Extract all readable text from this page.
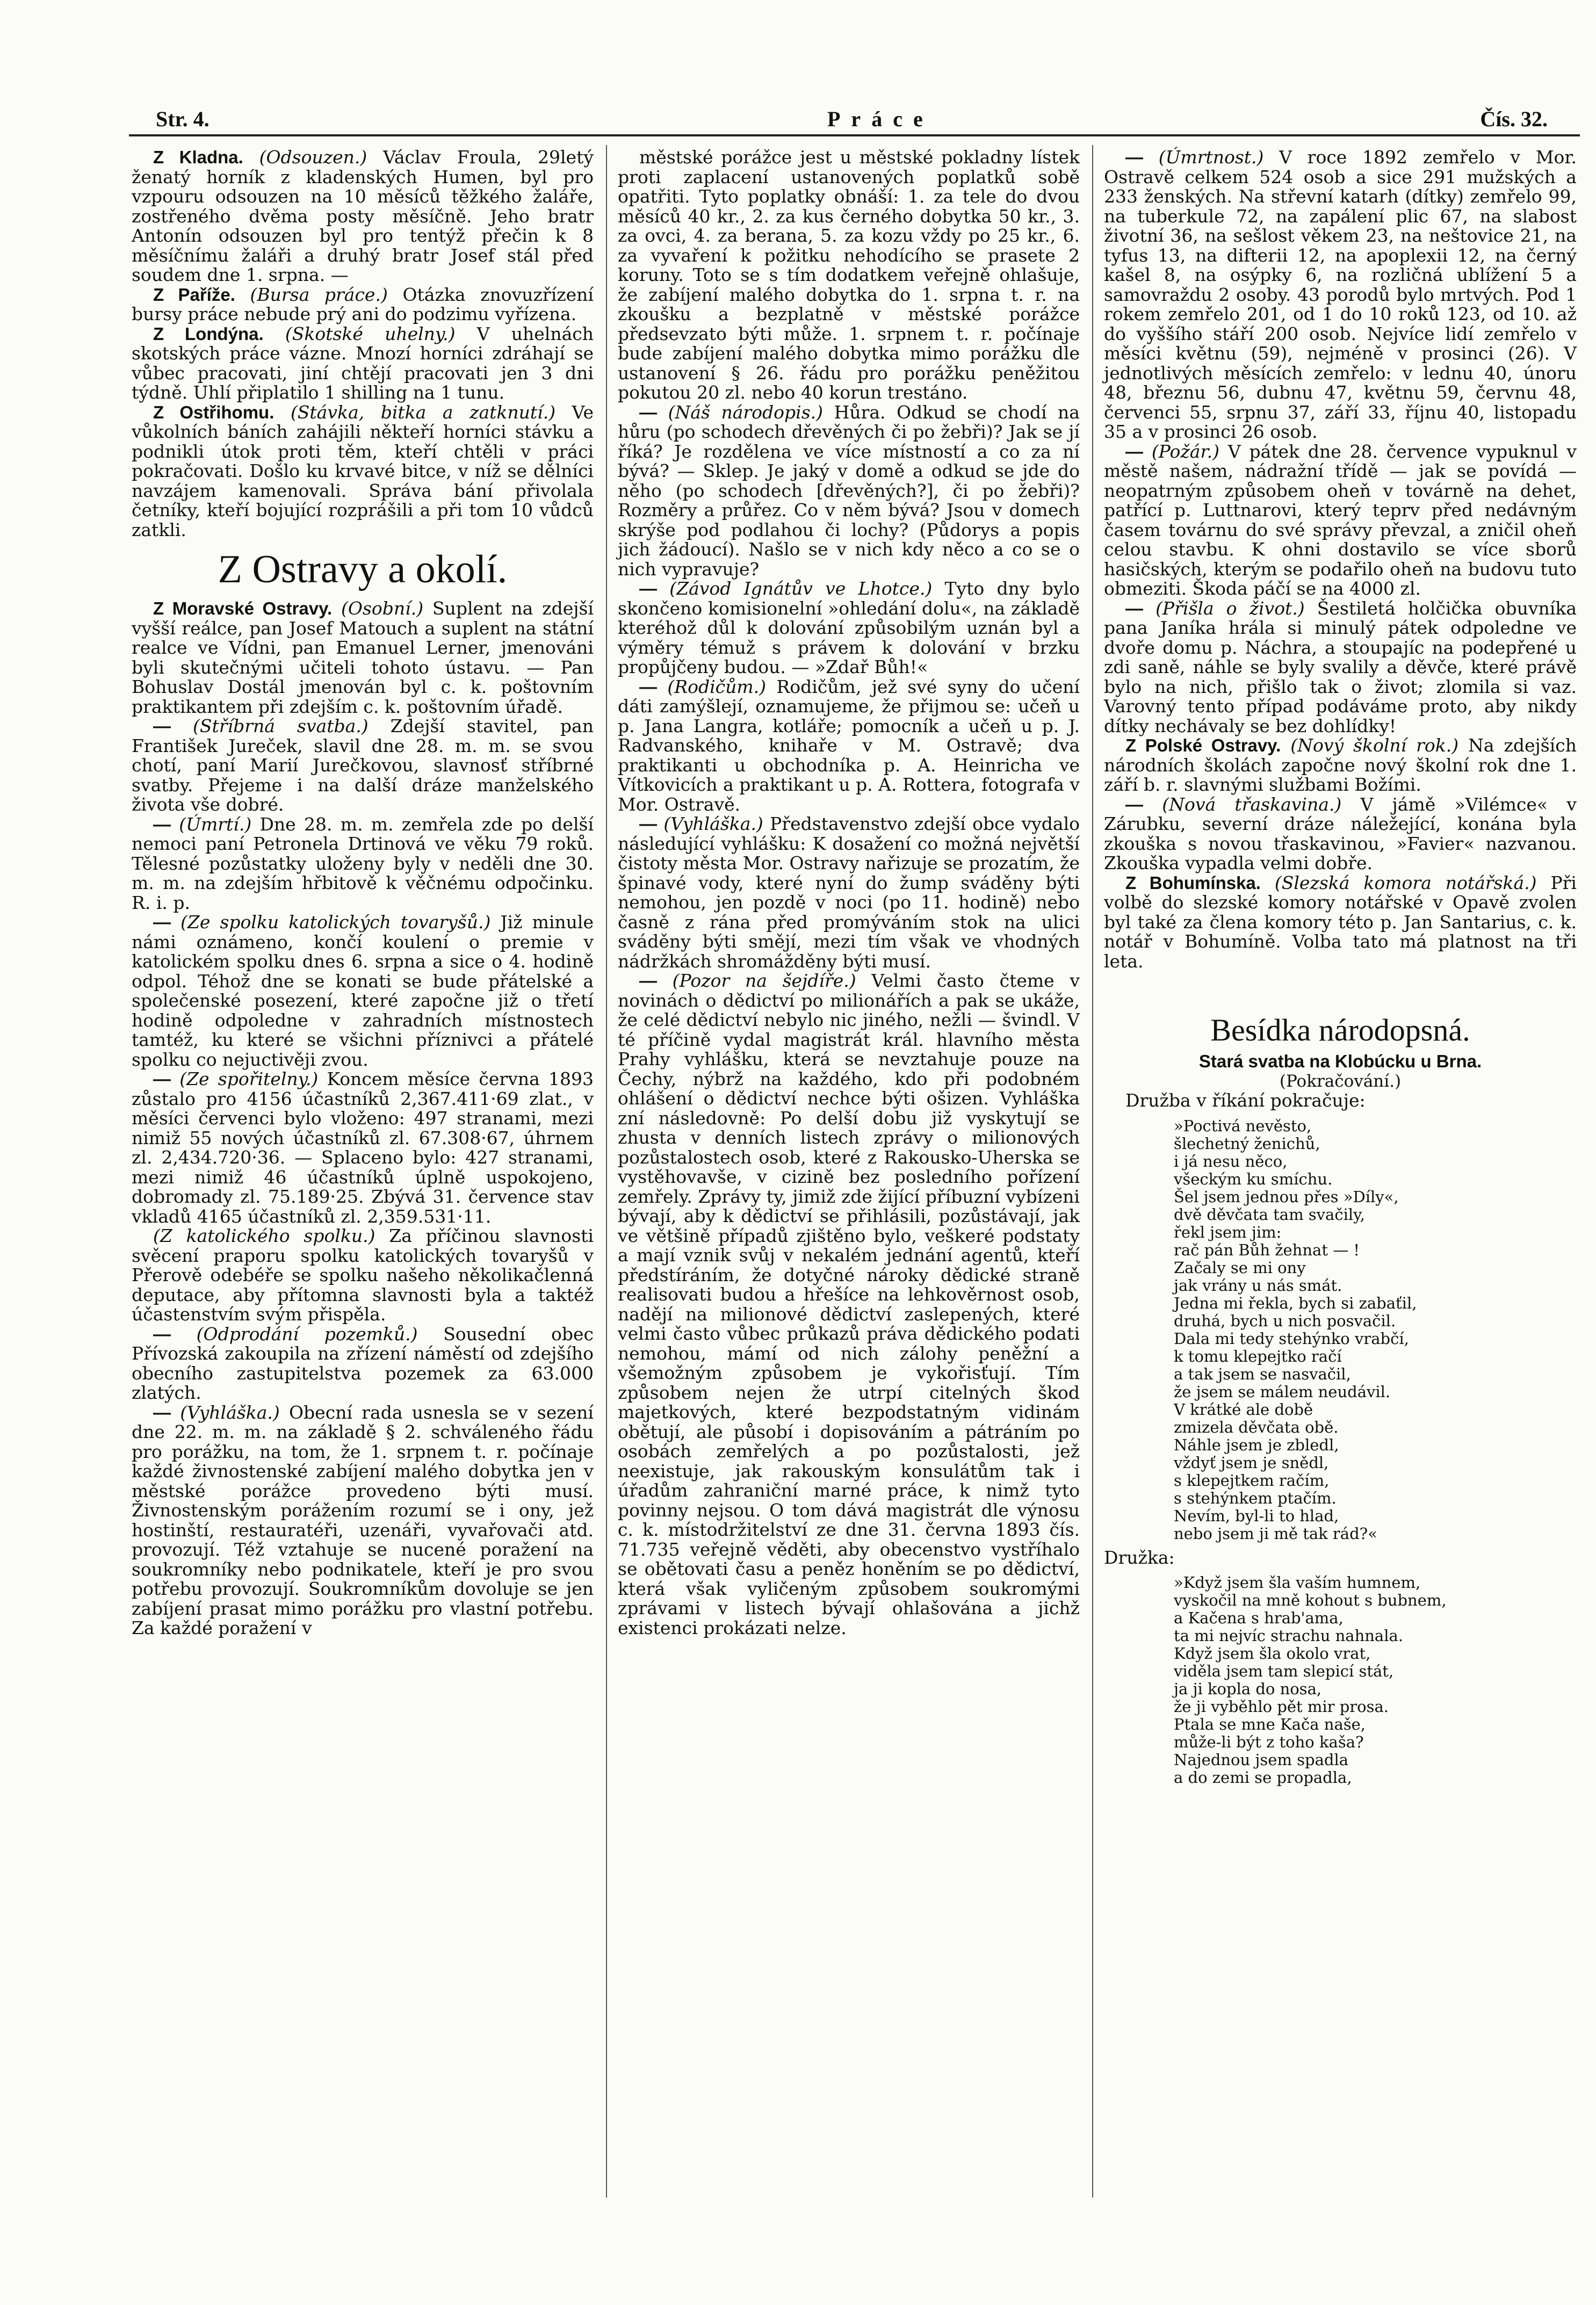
Str. 4.	Práce	Čís. 32.

Z Kladna. (Odsouzen.) Václav Froula, 29letý ženatý horník z kladenských Humen, byl pro vzpouru odsouzen na 10 měsíců těžkého žaláře, zostřeného dvěma posty měsíčně. Jeho bratr Antonín odsouzen byl pro tentýž přečin k 8 měsíčnímu žaláři a druhý bratr Josef stál před soudem dne 1. srpna. —

Z Paříže. (Bursa práce.) Otázka znovuzřízení bursy práce nebude prý ani do podzimu vyřízena.

Z Londýna. (Skotské uhelny.) V uhelnách skotských práce vázne. Mnozí horníci zdráhají se vůbec pracovati, jiní chtějí pracovati jen 3 dni týdně. Uhlí připlatilo 1 shilling na 1 tunu.

Z Ostřihomu. (Stávka, bitka a zatknutí.) Ve vůkolních báních zahájili někteří horníci stávku a podnikli útok proti těm, kteří chtěli v práci pokračovati. Došlo ku krvavé bitce, v níž se dělníci navzájem kamenovali. Správa bání přivolala četníky, kteří bojující rozprášili a při tom 10 vůdců zatkli.

Z Ostravy a okolí.

Z Moravské Ostravy. (Osobní.) Suplent na zdejší vyšší reálce, pan Josef Matouch a suplent na státní realce ve Vídni, pan Emanuel Lerner, jmenováni byli skutečnými učiteli tohoto ústavu. — Pan Bohuslav Dostál jmenován byl c. k. poštovním praktikantem při zdejším c. k. poštovním úřadě.

— (Stříbrná svatba.) Zdejší stavitel, pan František Jureček, slavil dne 28. m. m. se svou chotí, paní Marií Jurečkovou, slavnosť stříbrné svatby. Přejeme i na další dráze manželského života vše dobré.

— (Úmrtí.) Dne 28. m. m. zemřela zde po delší nemoci paní Petronela Drtinová ve věku 79 roků. Tělesné pozůstatky uloženy byly v neděli dne 30. m. m. na zdejším hřbitově k věčnému odpočinku. R. i. p.

— (Ze spolku katolických tovaryšů.) Již minule námi oznámeno, končí koulení o premie v katolickém spolku dnes 6. srpna a sice o 4. hodině odpol. Téhož dne se konati se bude přátelské a společenské posezení, které započne již o třetí hodině odpoledne v zahradních místnostech tamtéž, ku které se všichni příznivci a přátelé spolku co nejuctivěji zvou.

— (Ze spořitelny.) Koncem měsíce června 1893 zůstalo pro 4156 účastníků 2,367.411·69 zlat., v měsíci červenci bylo vloženo: 497 stranami, mezi nimiž 55 nových účastníků zl. 67.308·67, úhrnem zl. 2,434.720·36. — Splaceno bylo: 427 stranami, mezi nimiž 46 účastníků úplně uspokojeno, dobromady zl. 75.189·25. Zbývá 31. července stav vkladů 4165 účastníků zl. 2,359.531·11.

(Z katolického spolku.) Za příčinou slavnosti svěcení praporu spolku katolických tovaryšů v Přerově odebéře se spolku našeho několikačlenná deputace, aby přítomna slavnosti byla a taktéž účastenstvím svým přispěla.

— (Odprodání pozemků.) Sousední obec Přívozská zakoupila na zřízení náměstí od zdejšího obecního zastupitelstva pozemek za 63.000 zlatých.

— (Vyhláška.) Obecní rada usnesla se v sezení dne 22. m. m. na základě § 2. schváleného řádu pro porážku, na tom, že 1. srpnem t. r. počínaje každé živnostenské zabíjení malého dobytka jen v městské porážce provedeno býti musí. Živnostenským porážením rozumí se i ony, jež hostinští, restauratéři, uzenáři, vyvařovači atd. provozují. Též vztahuje se nucené poražení na soukromníky nebo podnikatele, kteří je pro svou potřebu provozují. Soukromníkům dovoluje se jen zabíjení prasat mimo porážku pro vlastní potřebu. Za každé poražení v

městské porážce jest u městské pokladny lístek proti zaplacení ustanovených poplatků sobě opatřiti. Tyto poplatky obnáší: 1. za tele do dvou měsíců 40 kr., 2. za kus černého dobytka 50 kr., 3. za ovci, 4. za berana, 5. za kozu vždy po 25 kr., 6. za vyvaření k požitku nehodícího se prasete 2 koruny. Toto se s tím dodatkem veřejně ohlašuje, že zabíjení malého dobytka do 1. srpna t. r. na zkoušku a bezplatně v městské porážce předsevzato býti může. 1. srpnem t. r. počínaje bude zabíjení malého dobytka mimo porážku dle ustanovení § 26. řádu pro porážku peněžitou pokutou 20 zl. nebo 40 korun trestáno.

— (Náš národopis.) Hůra. Odkud se chodí na hůru (po schodech dřevěných či po žebři)? Jak se jí říká? Je rozdělena ve více místností a co za ní bývá? — Sklep. Je jaký v domě a odkud se jde do něho (po schodech [dřevěných?], či po žebři)? Rozměry a průřez. Co v něm bývá? Jsou v domech skrýše pod podlahou či lochy? (Půdorys a popis jich žádoucí). Našlo se v nich kdy něco a co se o nich vypravuje?

— (Závod Ignátův ve Lhotce.) Tyto dny bylo skončeno komisionelní »ohledání dolu«, na základě kteréhož důl k dolování způsobilým uznán byl a výměry témuž s právem k dolování v brzku propůjčeny budou. — »Zdař Bůh!«

— (Rodičům.) Rodičům, jež své syny do učení dáti zamýšlejí, oznamujeme, že přijmou se: učeň u p. Jana Langra, kotláře; pomocník a učeň u p. J. Radvanského, knihaře v M. Ostravě; dva praktikanti u obchodníka p. A. Heinricha ve Vítkovicích a praktikant u p. A. Rottera, fotografa v Mor. Ostravě.

— (Vyhláška.) Představenstvo zdejší obce vydalo následující vyhlášku: K dosažení co možná největší čistoty města Mor. Ostravy nařizuje se prozatím, že špinavé vody, které nyní do žump sváděny býti nemohou, jen pozdě v noci (po 11. hodině) nebo časně z rána před promýváním stok na ulici sváděny býti smějí, mezi tím však ve vhodných nádržkách shromážděny býti musí.

— (Pozor na šejdíře.) Velmi často čteme v novinách o dědictví po milionářích a pak se ukáže, že celé dědictví nebylo nic jiného, nežli — švindl. V té příčině vydal magistrát král. hlavního města Prahy vyhlášku, která se nevztahuje pouze na Čechy, nýbrž na každého, kdo při podobném ohlášení o dědictví nechce býti ošizen. Vyhláška zní následovně: Po delší dobu již vyskytují se zhusta v denních listech zprávy o milionových pozůstalostech osob, které z Rakousko-Uherska se vystěhovavše, v cizině bez posledního pořízení zemřely. Zprávy ty, jimiž zde žijící příbuzní vybízeni bývají, aby k dědictví se přihlásili, pozůstávají, jak ve většině případů zjištěno bylo, veškeré podstaty a mají vznik svůj v nekalém jednání agentů, kteří předstíráním, že dotyčné nároky dědické straně realisovati budou a hřešíce na lehkověrnost osob, nadějí na milionové dědictví zaslepených, které velmi často vůbec průkazů práva dědického podati nemohou, mámí od nich zálohy peněžní a všemožným způsobem je vykořisťují. Tím způsobem nejen že utrpí citelných škod majetkových, které bezpodstatným vidinám obětují, ale působí i dopisováním a pátráním po osobách zemřelých a po pozůstalosti, jež neexistuje, jak rakouským konsulátům tak i úřadům zahraniční marné práce, k nimž tyto povinny nejsou. O tom dává magistrát dle výnosu c. k. místodržitelství ze dne 31. června 1893 čís. 71.735 veřejně věděti, aby obecenstvo vystříhalo se obětovati času a peněz honěním se po dědictví, která však vyličeným způsobem soukromými zprávami v listech bývají ohlašována a jichž existenci prokázati nelze.

— (Úmrtnost.) V roce 1892 zemřelo v Mor. Ostravě celkem 524 osob a sice 291 mužských a 233 ženských. Na střevní katarh (dítky) zemřelo 99, na tuberkule 72, na zapálení plic 67, na slabost životní 36, na sešlost věkem 23, na neštovice 21, na tyfus 13, na difterii 12, na apoplexii 12, na černý kašel 8, na osýpky 6, na rozličná ublížení 5 a samovraždu 2 osoby. 43 porodů bylo mrtvých. Pod 1 rokem zemřelo 201, od 1 do 10 roků 123, od 10. až do vyššího stáří 200 osob. Nejvíce lidí zemřelo v měsíci květnu (59), nejméně v prosinci (26). V jednotlivých měsících zemřelo: v lednu 40, únoru 48, březnu 56, dubnu 47, květnu 59, červnu 48, červenci 55, srpnu 37, září 33, říjnu 40, listopadu 35 a v prosinci 26 osob.

— (Požár.) V pátek dne 28. července vypuknul v městě našem, nádražní třídě — jak se povídá — neopatrným způsobem oheň v továrně na dehet, patřící p. Luttnarovi, který teprv před nedávným časem továrnu do své správy převzal, a zničil oheň celou stavbu. K ohni dostavilo se více sborů hasičských, kterým se podařilo oheň na budovu tuto obmeziti. Škoda páčí se na 4000 zl.

— (Přišla o život.) Šestiletá holčička obuvníka pana Janíka hrála si minulý pátek odpoledne ve dvoře domu p. Náchra, a stoupajíc na podepřené u zdi saně, náhle se byly svalily a děvče, které právě bylo na nich, přišlo tak o život; zlomila si vaz. Varovný tento případ podáváme proto, aby nikdy dítky nechávaly se bez dohlídky!

Z Polské Ostravy. (Nový školní rok.) Na zdejších národních školách započne nový školní rok dne 1. září b. r. slavnými službami Božími.

— (Nová třaskavina.) V jámě »Vilémce« v Zárubku, severní dráze náležející, konána byla zkouška s novou třaskavinou, »Favier« nazvanou. Zkouška vypadla velmi dobře.

Z Bohumínska. (Slezská komora notářská.) Při volbě do slezské komory notářské v Opavě zvolen byl také za člena komory této p. Jan Santarius, c. k. notář v Bohumíně. Volba tato má platnost na tři leta.

Besídka národopsná.

Stará svatba na Klobúcku u Brna.

(Pokračování.)

Družba v říkání pokračuje:

»Poctivá nevěsto,
šlechetný ženichů,
i já nesu něco,
všeckým ku smíchu.
Šel jsem jednou přes »Díly«,
dvě děvčata tam svačily,
řekl jsem jim:
rač pán Bůh žehnat — !
Začaly se mi ony
jak vrány u nás smát.
Jedna mi řekla, bych si zabaťil,
druhá, bych u nich posvačil.
Dala mi tedy stehýnko vrabčí,
k tomu klepejtko račí
a tak jsem se nasvačil,
že jsem se málem neudávil.
V krátké ale době
zmizela děvčata obě.
Náhle jsem je zbledl,
vždyť jsem je snědl,
s klepejtkem račím,
s stehýnkem ptačím.
Nevím, byl-li to hlad,
nebo jsem ji mě tak rád?«

Družka:

»Když jsem šla vaším humnem,
vyskočil na mně kohout s bubnem,
a Kačena s hrab'ama,
ta mi nejvíc strachu nahnala.
Když jsem šla okolo vrat,
viděla jsem tam slepicí stát,
ja ji kopla do nosa,
že ji vyběhlo pět mir prosa.
Ptala se mne Kača naše,
může-li být z toho kaša?
Najednou jsem spadla
a do zemi se propadla,
